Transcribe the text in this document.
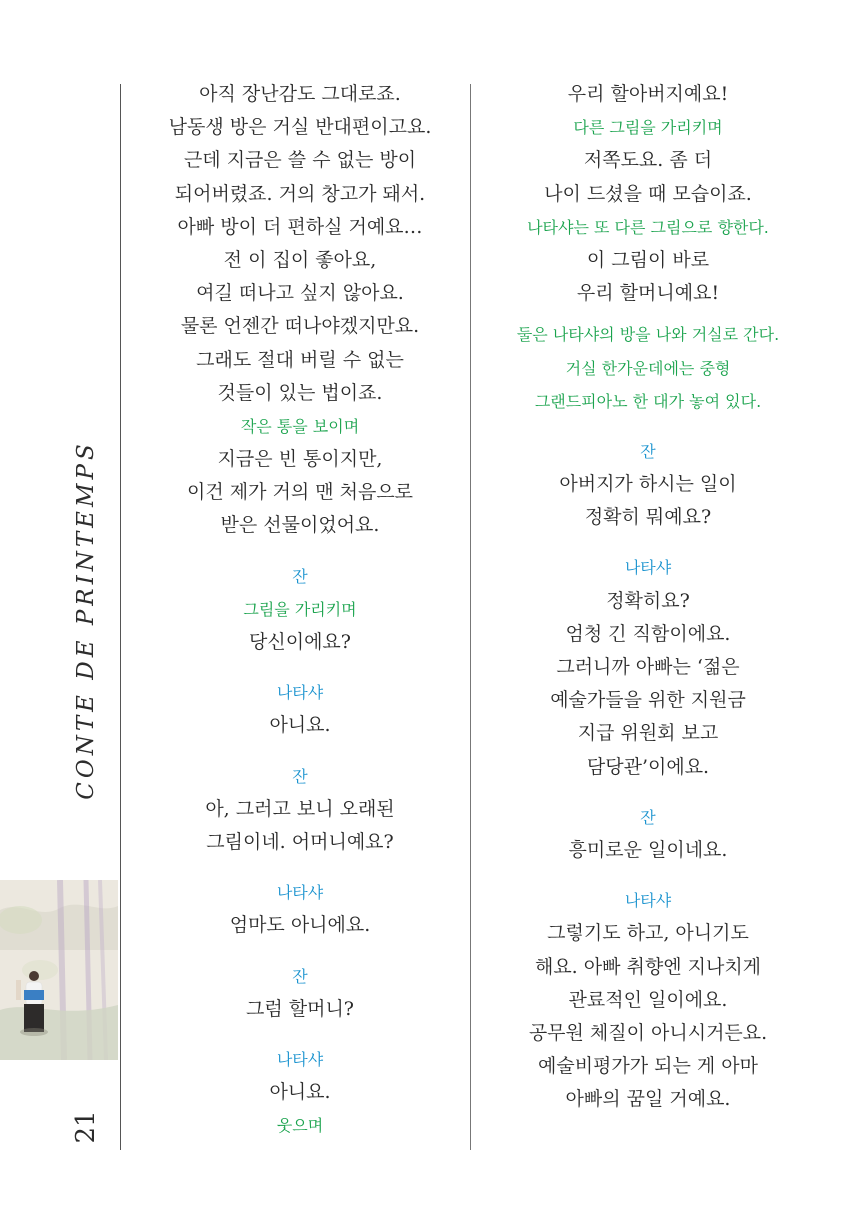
CONTE DE PRINTEMPS
21
아직 장난감도 그대로죠.
남동생 방은 거실 반대편이고요.
근데 지금은 쓸 수 없는 방이
되어버렸죠. 거의 창고가 돼서.
아빠 방이 더 편하실 거예요…
전 이 집이 좋아요,
여길 떠나고 싶지 않아요.
물론 언젠간 떠나야겠지만요.
그래도 절대 버릴 수 없는
것들이 있는 법이죠.
작은 통을 보이며
지금은 빈 통이지만,
이건 제가 거의 맨 처음으로
받은 선물이었어요.
잔
그림을 가리키며
당신이에요?
나타샤
아니요.
잔
아, 그러고 보니 오래된
그림이네. 어머니예요?
나타샤
엄마도 아니에요.
잔
그럼 할머니?
나타샤
아니요.
웃으며
우리 할아버지예요!
다른 그림을 가리키며
저쪽도요. 좀 더
나이 드셨을 때 모습이죠.
나타샤는 또 다른 그림으로 향한다.
이 그림이 바로
우리 할머니예요!
둘은 나타샤의 방을 나와 거실로 간다.
거실 한가운데에는 중형
그랜드피아노 한 대가 놓여 있다.
잔
아버지가 하시는 일이
정확히 뭐예요?
나타샤
정확히요?
엄청 긴 직함이에요.
그러니까 아빠는 ‘젊은
예술가들을 위한 지원금
지급 위원회 보고
담당관’이에요.
잔
흥미로운 일이네요.
나타샤
그렇기도 하고, 아니기도
해요. 아빠 취향엔 지나치게
관료적인 일이에요.
공무원 체질이 아니시거든요.
예술비평가가 되는 게 아마
아빠의 꿈일 거예요.
